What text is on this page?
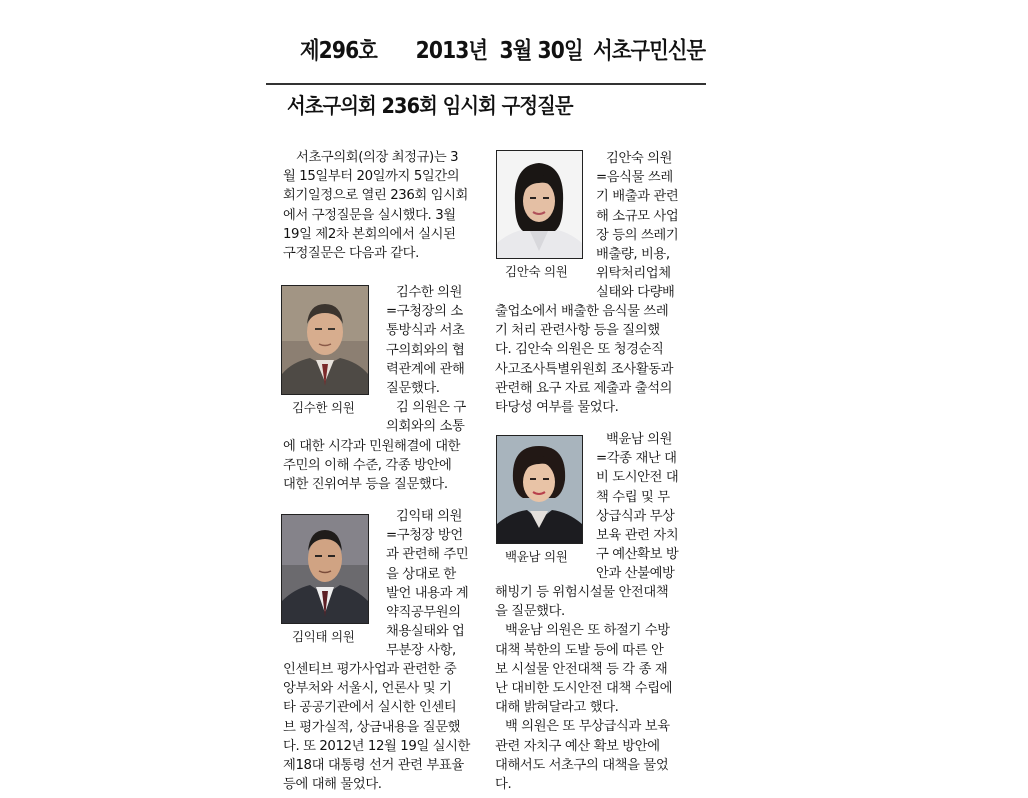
제296호 2013년  3월 30일 서초구민신문
서초구의회 236회 임시회 구정질문
서초구의회(의장 최정규)는 3
월 15일부터 20일까지 5일간의
회기일정으로 열린 236회 임시회
에서 구정질문을 실시했다. 3월
19일 제2차 본회의에서 실시된
구정질문은 다음과 같다.
김수한 의원
김수한 의원
=구청장의 소
통방식과 서초
구의회와의 협
력관계에 관해
질문했다.
김 의원은 구
의회와의 소통
에 대한 시각과 민원해결에 대한
주민의 이해 수준, 각종 방안에
대한 진위여부 등을 질문했다.
김익태 의원
김익태 의원
=구청장 방언
과 관련해 주민
을 상대로 한
발언 내용과 계
약직공무원의
채용실태와 업
무분장 사항,
인센티브 평가사업과 관련한 중
앙부처와 서울시, 언론사 및 기
타 공공기관에서 실시한 인센티
브 평가실적, 상금내용을 질문했
다. 또 2012년 12월 19일 실시한
제18대 대통령 선거 관련 부표율
등에 대해 물었다.
김안숙 의원
김안숙 의원
=음식물 쓰레
기 배출과 관련
해 소규모 사업
장 등의 쓰레기
배출량, 비용,
위탁처리업체
실태와 다량배
출업소에서 배출한 음식물 쓰레
기 처리 관련사항 등을 질의했
다. 김안숙 의원은 또 청경순직
사고조사특별위원회 조사활동과
관련해 요구 자료 제출과 출석의
타당성 여부를 물었다.
백윤남 의원
백윤남 의원
=각종 재난 대
비 도시안전 대
책 수립 및 무
상급식과 무상
보육 관련 자치
구 예산확보 방
안과 산불예방
해빙기 등 위험시설물 안전대책
을 질문했다.
백윤남 의원은 또 하절기 수방
대책 북한의 도발 등에 따른 안
보 시설물 안전대책 등 각 종 재
난 대비한 도시안전 대책 수립에
대해 밝혀달라고 했다.
백 의원은 또 무상급식과 보육
관련 자치구 예산 확보 방안에
대해서도 서초구의 대책을 물었
다.
